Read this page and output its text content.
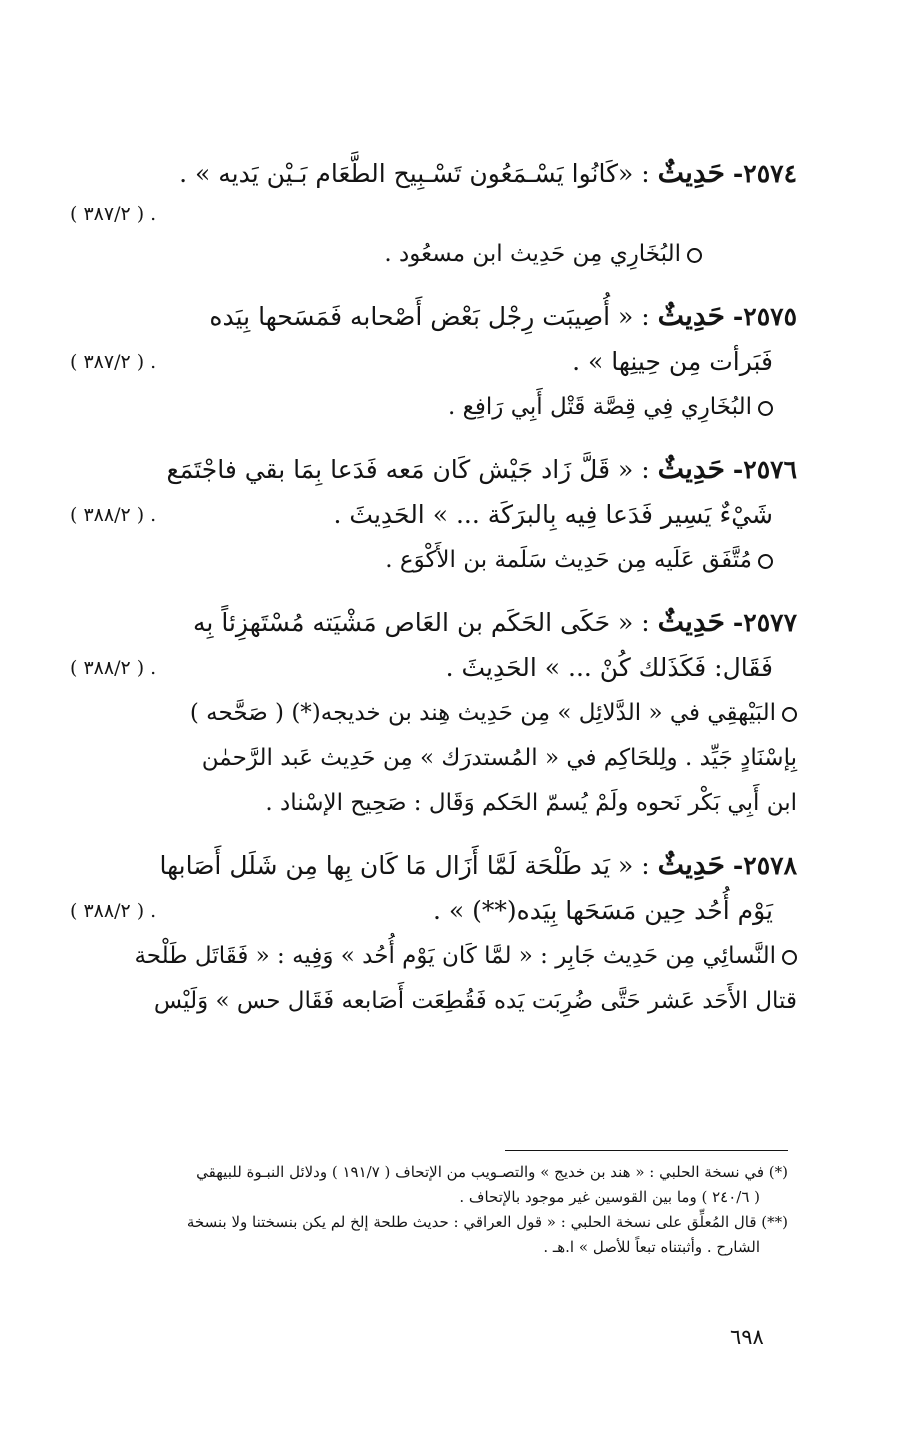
٢٥٧٤- حَدِيثٌ : «كَانُوا يَسْـمَعُون تَسْـبِيح الطَّعَام بَـيْن يَديه » .
. ( ٣٨٧/٢ )
البُخَارِي مِن حَدِيث ابن مسعُود .
٢٥٧٥- حَدِيثٌ : « أُصِيبَت رِجْل بَعْض أَصْحابه فَمَسَحها بِيَده
فَبَرأت مِن حِينِها » .
. ( ٣٨٧/٢ )
البُخَارِي فِي قِصَّة قَتْل أَبِي رَافِع .
٢٥٧٦- حَدِيثٌ : « قَلَّ زَاد جَيْش كَان مَعه فَدَعا بِمَا بقي فاجْتَمَع
شَيْءٌ يَسِير فَدَعا فِيه بِالبرَكَة ... » الحَدِيثَ .
. ( ٣٨٨/٢ )
مُتَّفَق عَلَيه مِن حَدِيث سَلَمة بن الأَكْوَع .
٢٥٧٧- حَدِيثٌ : « حَكَى الحَكَم بن العَاص مَشْيَته مُسْتَهزِئاً بِه
فَقَال: فَكَذَلك كُنْ ... » الحَدِيثَ .
. ( ٣٨٨/٢ )
البَيْهقِي في « الدَّلائِل » مِن حَدِيث هِند بن خديجه(*) ( صَحَّحه )
بِإسْنَادٍ جَيِّد . ولِلحَاكِم في « المُستدرَك » مِن حَدِيث عَبد الرَّحمٰن
ابن أَبِي بَكْر نَحوه ولَمْ يُسمّ الحَكم وَقَال : صَحِيح الإسْناد .
٢٥٧٨- حَدِيثٌ : « يَد طَلْحَة لَمَّا أَزَال مَا كَان بِها مِن شَلَل أَصَابها
يَوْم أُحُد حِين مَسَحَها بِيَده(**) » .
. ( ٣٨٨/٢ )
النَّسائِي مِن حَدِيث جَابِر : « لمَّا كَان يَوْم أُحُد » وَفِيه : « فَقَاتَل طَلْحة
قتال الأَحَد عَشر حَتَّى ضُرِبَت يَده فَقُطِعَت أَصَابعه فَقَال حس » وَلَيْس
(*) في نسخة الحلبي : « هند بن خديج » والتصـويب من الإتحاف ( ١٩١/٧ ) ودلائل النبـوة للبيهقي
( ٢٤٠/٦ ) وما بين القوسين غير موجود بالإتحاف .
(**) قال المُعلِّق على نسخة الحلبي : « قول العراقي : حديث طلحة إلخ لم يكن بنسختنا ولا بنسخة
الشارح . وأثبتناه تبعاً للأصل » ا.هـ .
٦٩٨
